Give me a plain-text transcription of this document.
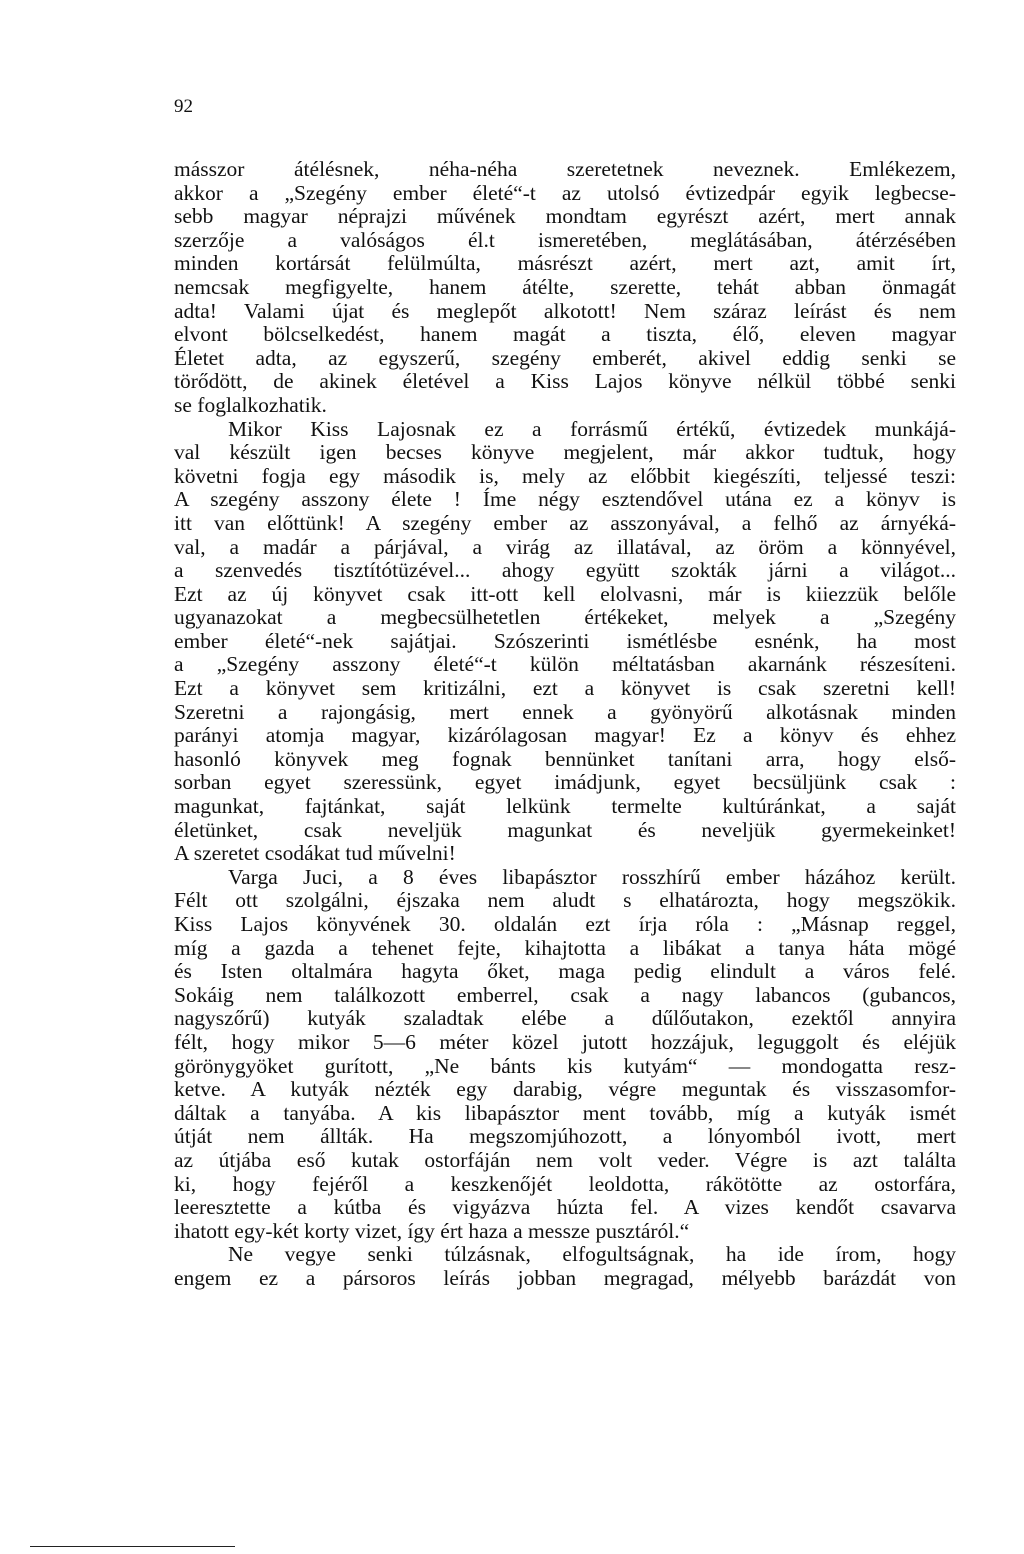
92
másszor átélésnek, néha-néha szeretetnek neveznek. Emlékezem,
akkor a „Szegény ember életé“-t az utolsó évtizedpár egyik legbecse-
sebb magyar néprajzi művének mondtam egyrészt azért, mert annak
szerzője a valóságos él.t ismeretében, meglátásában, átérzésében
minden kortársát felülmúlta, másrészt azért, mert azt, amit írt,
nemcsak megfigyelte, hanem átélte, szerette, tehát abban önmagát
adta! Valami újat és meglepőt alkotott! Nem száraz leírást és nem
elvont bölcselkedést, hanem magát a tiszta, élő, eleven magyar
Életet adta, az egyszerű, szegény emberét, akivel eddig senki se
törődött, de akinek életével a Kiss Lajos könyve nélkül többé senki
se foglalkozhatik.
Mikor Kiss Lajosnak ez a forrásmű értékű, évtizedek munkájá-
val készült igen becses könyve megjelent, már akkor tudtuk, hogy
követni fogja egy második is, mely az előbbit kiegészíti, teljessé teszi:
A szegény asszony élete ! Íme négy esztendővel utána ez a könyv is
itt van előttünk! A szegény ember az asszonyával, a felhő az árnyéká-
val, a madár a párjával, a virág az illatával, az öröm a könnyével,
a szenvedés tisztítótüzével... ahogy együtt szokták járni a világot...
Ezt az új könyvet csak itt-ott kell elolvasni, már is kiiezzük belőle
ugyanazokat a megbecsülhetetlen értékeket, melyek a „Szegény
ember életé“-nek sajátjai. Szószerinti ismétlésbe esnénk, ha most
a „Szegény asszony életé“-t külön méltatásban akarnánk részesíteni.
Ezt a könyvet sem kritizálni, ezt a könyvet is csak szeretni kell!
Szeretni a rajongásig, mert ennek a gyönyörű alkotásnak minden
parányi atomja magyar, kizárólagosan magyar! Ez a könyv és ehhez
hasonló könyvek meg fognak bennünket tanítani arra, hogy első-
sorban egyet szeressünk, egyet imádjunk, egyet becsüljünk csak :
magunkat, fajtánkat, saját lelkünk termelte kultúránkat, a saját
életünket, csak neveljük magunkat és neveljük gyermekeinket!
A szeretet csodákat tud művelni!
Varga Juci, a 8 éves libapásztor rosszhírű ember házához került.
Félt ott szolgálni, éjszaka nem aludt s elhatározta, hogy megszökik.
Kiss Lajos könyvének 30. oldalán ezt írja róla : „Másnap reggel,
míg a gazda a tehenet fejte, kihajtotta a libákat a tanya háta mögé
és Isten oltalmára hagyta őket, maga pedig elindult a város felé.
Sokáig nem találkozott emberrel, csak a nagy labancos (gubancos,
nagyszőrű) kutyák szaladtak elébe a dűlőutakon, ezektől annyira
félt, hogy mikor 5—6 méter közel jutott hozzájuk, leguggolt és eléjük
görönygyöket gurított, „Ne bánts kis kutyám“ — mondogatta resz-
ketve. A kutyák nézték egy darabig, végre meguntak és visszasomfor-
dáltak a tanyába. A kis libapásztor ment tovább, míg a kutyák ismét
útját nem állták. Ha megszomjúhozott, a lónyomból ivott, mert
az útjába eső kutak ostorfáján nem volt veder. Végre is azt találta
ki, hogy fejéről a keszkenőjét leoldotta, rákötötte az ostorfára,
leeresztette a kútba és vigyázva húzta fel. A vizes kendőt csavarva
ihatott egy-két korty vizet, így ért haza a messze pusztáról.“
Ne vegye senki túlzásnak, elfogultságnak, ha ide írom, hogy
engem ez a pársoros leírás jobban megragad, mélyebb barázdát von
